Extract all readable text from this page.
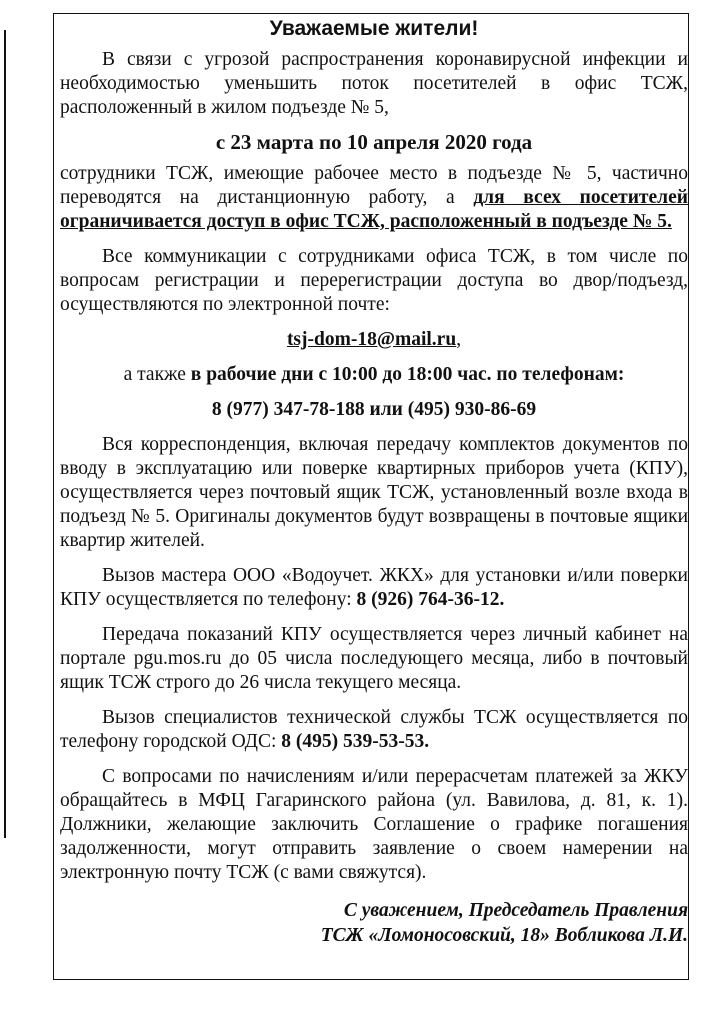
Уважаемые жители!

В связи с угрозой распространения коронавирусной инфекции и необходимостью уменьшить поток посетителей в офис ТСЖ, расположенный в жилом подъезде № 5,

с 23 марта по 10 апреля 2020 года

сотрудники ТСЖ, имеющие рабочее место в подъезде № 5, частично переводятся на дистанционную работу, а для всех посетителей ограничивается доступ в офис ТСЖ, расположенный в подъезде № 5.

Все коммуникации с сотрудниками офиса ТСЖ, в том числе по вопросам регистрации и перерегистрации доступа во двор/подъезд, осуществляются по электронной почте:

tsj-dom-18@mail.ru,

а также в рабочие дни с 10:00 до 18:00 час. по телефонам:

8 (977) 347-78-188 или (495) 930-86-69

Вся корреспонденция, включая передачу комплектов документов по вводу в эксплуатацию или поверке квартирных приборов учета (КПУ), осуществляется через почтовый ящик ТСЖ, установленный возле входа в подъезд № 5. Оригиналы документов будут возвращены в почтовые ящики квартир жителей.

Вызов мастера ООО «Водоучет. ЖКХ» для установки и/или поверки КПУ осуществляется по телефону: 8 (926) 764-36-12.

Передача показаний КПУ осуществляется через личный кабинет на портале pgu.mos.ru до 05 числа последующего месяца, либо в почтовый ящик ТСЖ строго до 26 числа текущего месяца.

Вызов специалистов технической службы ТСЖ осуществляется по телефону городской ОДС: 8 (495) 539-53-53.

С вопросами по начислениям и/или перерасчетам платежей за ЖКУ обращайтесь в МФЦ Гагаринского района (ул. Вавилова, д. 81, к. 1). Должники, желающие заключить Соглашение о графике погашения задолженности, могут отправить заявление о своем намерении на электронную почту ТСЖ (с вами свяжутся).

С уважением, Председатель Правления
ТСЖ «Ломоносовский, 18» Вобликова Л.И.
